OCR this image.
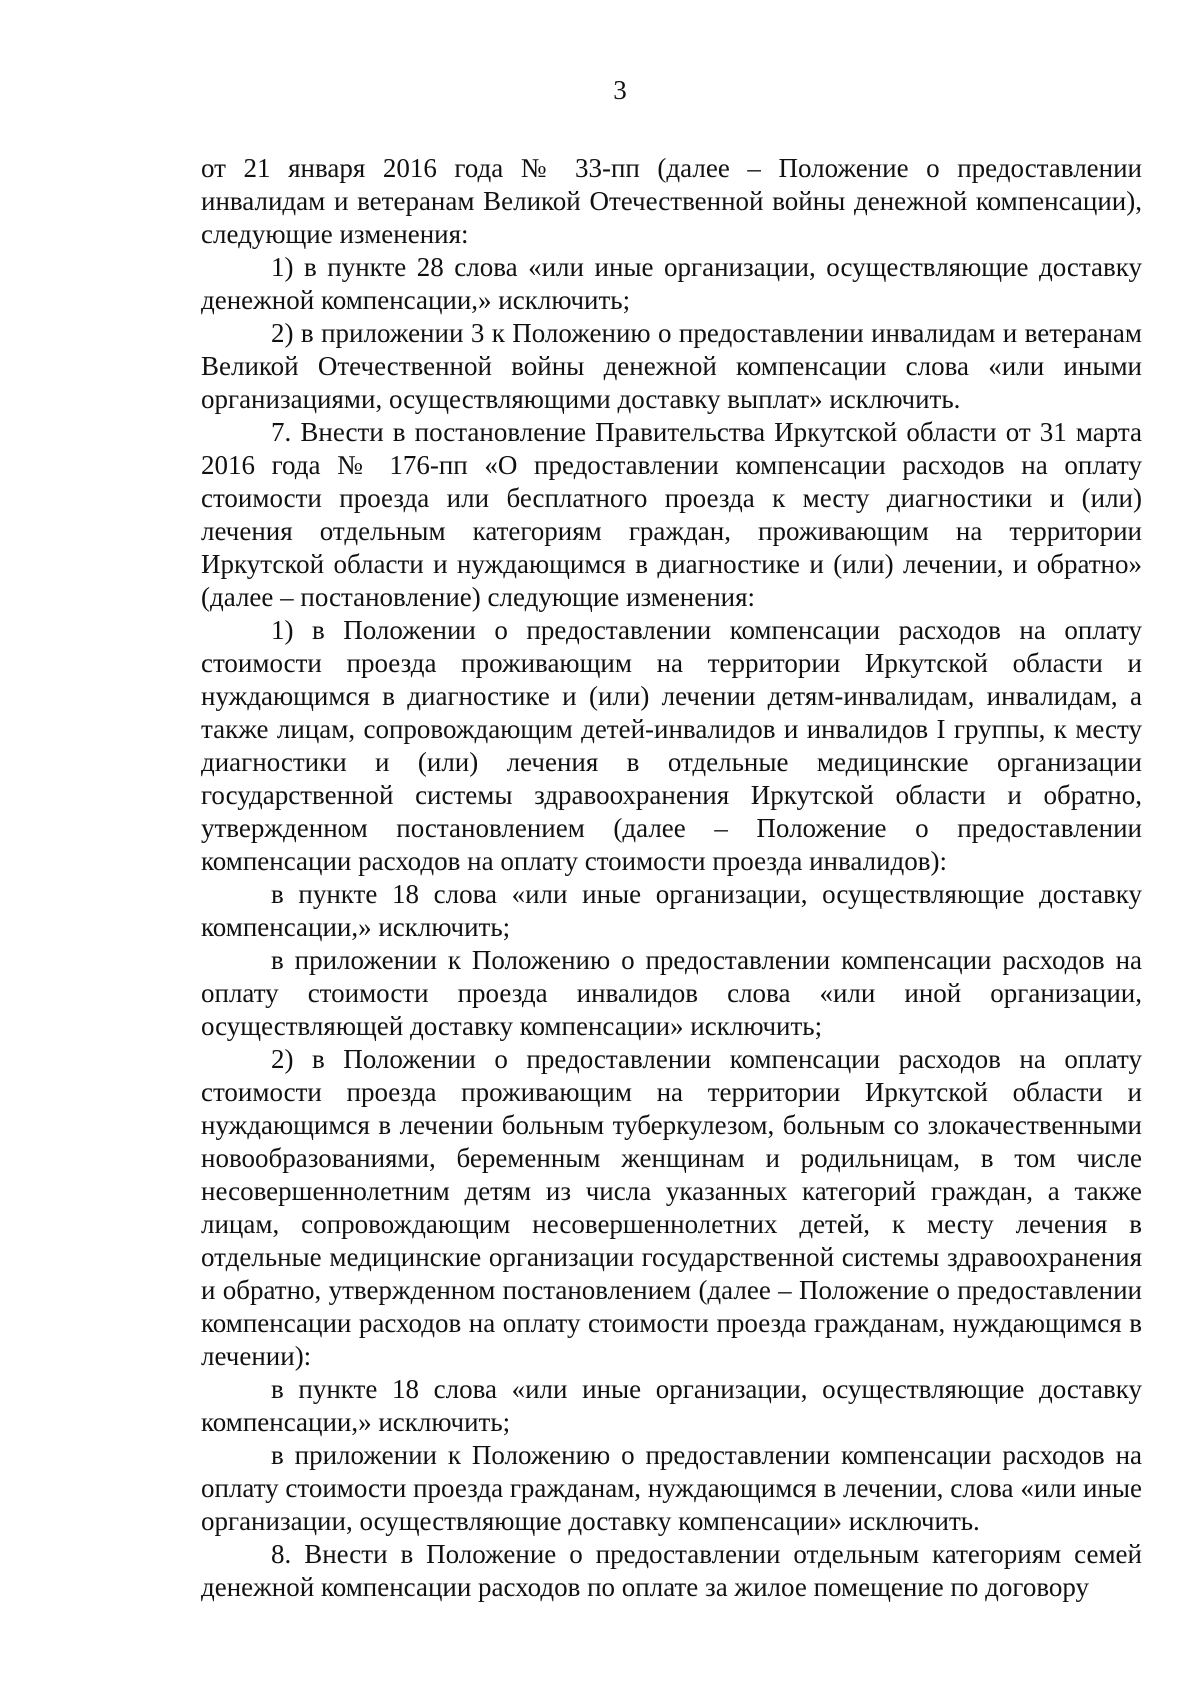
3

от 21 января 2016 года № 33-пп (далее – Положение о предоставлении инвалидам и ветеранам Великой Отечественной войны денежной компенсации), следующие изменения:

1) в пункте 28 слова «или иные организации, осуществляющие доставку денежной компенсации,» исключить;

2) в приложении 3 к Положению о предоставлении инвалидам и ветеранам Великой Отечественной войны денежной компенсации слова «или иными организациями, осуществляющими доставку выплат» исключить.

7. Внести в постановление Правительства Иркутской области от 31 марта 2016 года № 176-пп «О предоставлении компенсации расходов на оплату стоимости проезда или бесплатного проезда к месту диагностики и (или) лечения отдельным категориям граждан, проживающим на территории Иркутской области и нуждающимся в диагностике и (или) лечении, и обратно» (далее – постановление) следующие изменения:

1) в Положении о предоставлении компенсации расходов на оплату стоимости проезда проживающим на территории Иркутской области и нуждающимся в диагностике и (или) лечении детям-инвалидам, инвалидам, а также лицам, сопровождающим детей-инвалидов и инвалидов I группы, к месту диагностики и (или) лечения в отдельные медицинские организации государственной системы здравоохранения Иркутской области и обратно, утвержденном постановлением (далее – Положение о предоставлении компенсации расходов на оплату стоимости проезда инвалидов):

в пункте 18 слова «или иные организации, осуществляющие доставку компенсации,» исключить;

в приложении к Положению о предоставлении компенсации расходов на оплату стоимости проезда инвалидов слова «или иной организации, осуществляющей доставку компенсации» исключить;

2) в Положении о предоставлении компенсации расходов на оплату стоимости проезда проживающим на территории Иркутской области и нуждающимся в лечении больным туберкулезом, больным со злокачественными новообразованиями, беременным женщинам и родильницам, в том числе несовершеннолетним детям из числа указанных категорий граждан, а также лицам, сопровождающим несовершеннолетних детей, к месту лечения в отдельные медицинские организации государственной системы здравоохранения и обратно, утвержденном постановлением (далее – Положение о предоставлении компенсации расходов на оплату стоимости проезда гражданам, нуждающимся в лечении):

в пункте 18 слова «или иные организации, осуществляющие доставку компенсации,» исключить;

в приложении к Положению о предоставлении компенсации расходов на оплату стоимости проезда гражданам, нуждающимся в лечении, слова «или иные организации, осуществляющие доставку компенсации» исключить.

8. Внести в Положение о предоставлении отдельным категориям семей денежной компенсации расходов по оплате за жилое помещение по договору
